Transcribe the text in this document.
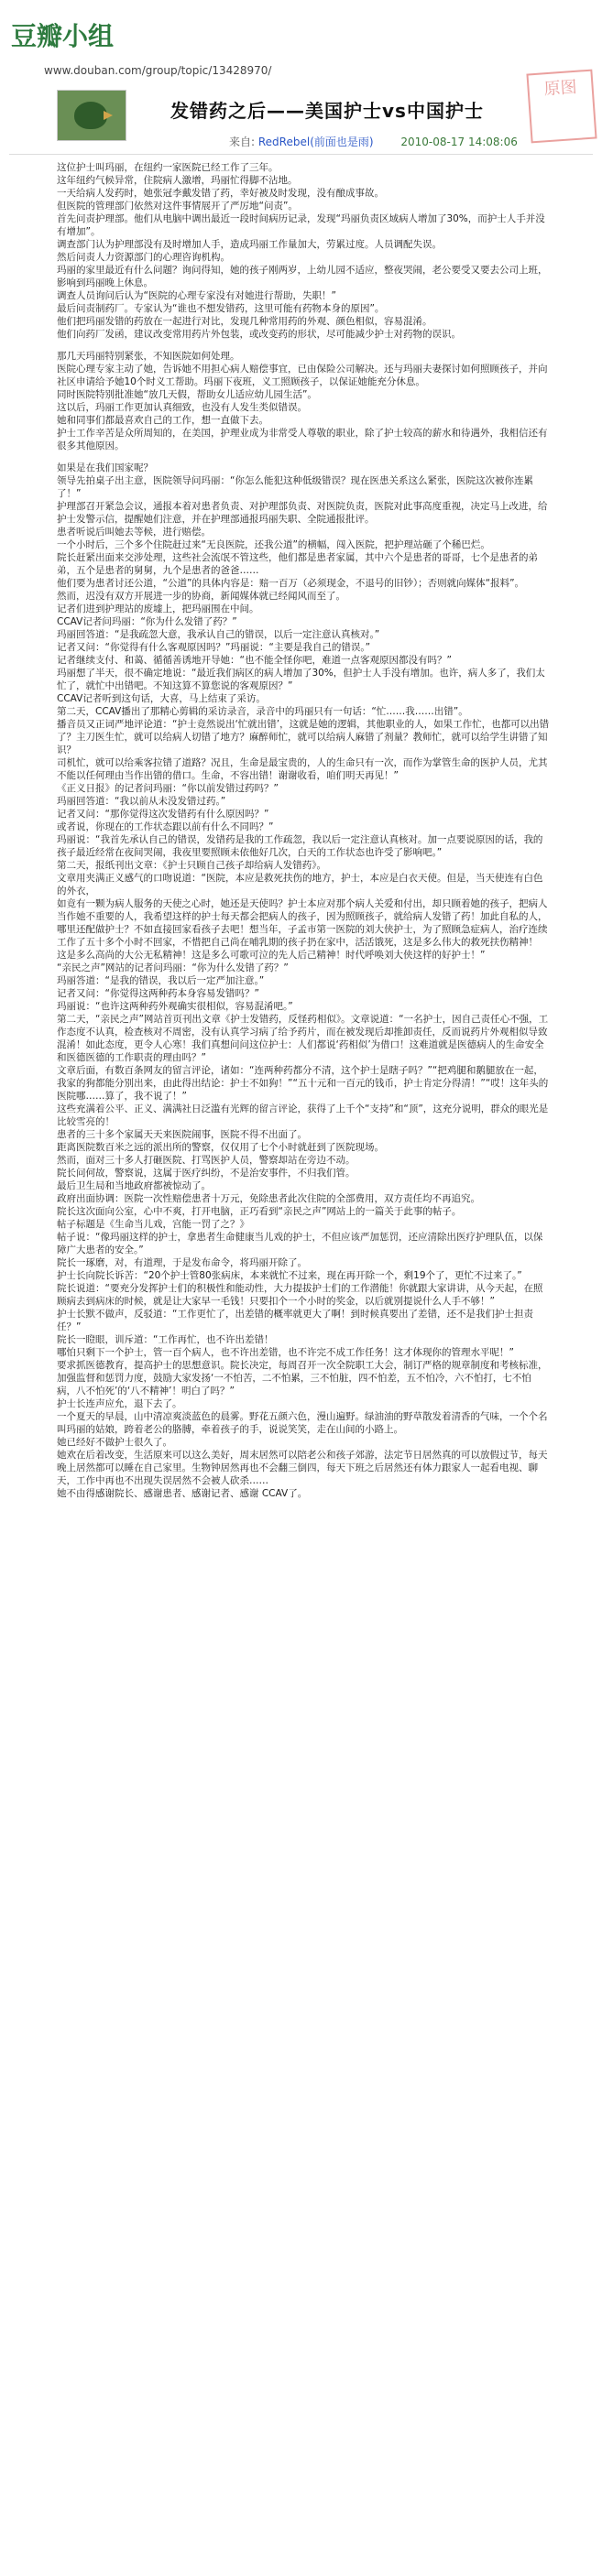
豆瓣小组
www.douban.com/group/topic/13428970/
发错药之后——美国护士vs中国护士
来自: RedRebel(前面也是雨) 2010-08-17 14:08:06
原图

这位护士叫玛丽，在纽约一家医院已经工作了三年。

这年纽约气候异常，住院病人激增，玛丽忙得脚不沾地。

一天给病人发药时，她张冠李戴发错了药，幸好被及时发现，没有酿成事故。

但医院的管理部门依然对这件事情展开了严厉地“问责”。

首先问责护理部。他们从电脑中调出最近一段时间病历记录，发现“玛丽负责区域病人增加了30%，而护士人手并没有增加”。

调查部门认为护理部没有及时增加人手，造成玛丽工作量加大，劳累过度。人员调配失误。

然后问责人力资源部门的心理咨询机构。

玛丽的家里最近有什么问题？询问得知，她的孩子刚两岁，上幼儿园不适应，整夜哭闹，老公要受又要去公司上班，影响到玛丽晚上休息。

调查人员询问后认为“医院的心理专家没有对她进行帮助，失职！”

最后问责制药厂。专家认为“谁也不想发错药，这里可能有药物本身的原因”。

他们把玛丽发错的药放在一起进行对比，发现几种常用药的外观、颜色相似，容易混淆。

他们向药厂发函，建议改变常用药片外包装，或改变药的形状，尽可能减少护士对药物的误识。

那几天玛丽特别紧张，不知医院如何处理。

医院心理专家主动了她，告诉她不用担心病人赔偿事宜，已由保险公司解决。还与玛丽夫妻探讨如何照顾孩子，并向社区申请给予她10个时义工帮助。玛丽下夜班，义工照顾孩子，以保证她能充分休息。

同时医院特别批准她“放几天假，帮助女儿适应幼儿园生活”。

这以后，玛丽工作更加认真细致，也没有人发生类似错误。

她和同事们都最喜欢自己的工作，想一直做下去。

护士工作辛苦是众所周知的，在美国，护理业成为非常受人尊敬的职业，除了护士较高的薪水和待遇外，我相信还有很多其他原因。

如果是在我们国家呢？

领导先拍桌子出主意，医院领导问玛丽：“你怎么能犯这种低级错误？现在医患关系这么紧张，医院这次被你连累了！”

护理部召开紧急会议，通报本着对患者负责、对护理部负责、对医院负责，医院对此事高度重视，决定马上改进，给护士发警示信，提醒她们注意，并在护理部通报玛丽失职、全院通报批评。

患者听说后叫她去等候，进行赔偿。

一个小时后，三个多个住院赶过来“无良医院，还我公道”的横幅，闯入医院，把护理站砸了个稀巴烂。

院长赶紧出面来交涉处理，这些社会流氓不管这些，他们都是患者家属，其中六个是患者的哥哥，七个是患者的弟弟，五个是患者的舅舅，九个是患者的爸爸……

他们要为患者讨还公道，“公道”的具体内容是：赔一百万（必须现金，不退号的旧钞）；否则就向媒体“报料”。

然而，迟没有双方开展进一步的协商，新闻媒体就已经闻风而至了。

记者们进到护理站的废墟上，把玛丽围在中间。

CCAV记者问玛丽：“你为什么发错了药？”

玛丽回答道：“是我疏忽大意，我承认自己的错误，以后一定注意认真核对。”

记者又问：“你觉得有什么客观原因吗？”玛丽说：“主要是我自己的错误。”

记者继续支付、和蔼、循循善诱地开导她：“也不能全怪你吧，难道一点客观原因都没有吗？”

玛丽想了半天，很不确定地说：“最近我们病区的病人增加了30%，但护士人手没有增加。也许，病人多了，我们太忙了，就忙中出错吧。不知这算不算您说的客观原因？”

CCAV记者听到这句话，大喜，马上结束了采访。

第二天，CCAV播出了那精心剪辑的采访录音，录音中的玛丽只有一句话：“忙……我……出错”。

播音员又正词严地评论道：“护士竟然说出‘忙就出错’，这就是她的逻辑，其他职业的人，如果工作忙，也都可以出错了？主刀医生忙，就可以给病人切错了地方？麻醉师忙，就可以给病人麻错了剂量？教师忙，就可以给学生讲错了知识？

司机忙，就可以给乘客拉错了道路？况且，生命是最宝贵的，人的生命只有一次，而作为掌管生命的医护人员，尤其不能以任何理由当作出错的借口。生命，不容出错！谢谢收看，咱们明天再见！”

《正义日报》的记者问玛丽：“你以前发错过药吗？”

玛丽回答道：“我以前从未没发错过药。”

记者又问：“那你觉得这次发错药有什么原因吗？”

或者说，你现在的工作状态跟以前有什么不同吗？”

玛丽说：“我首先承认自己的错误，发错药是我的工作疏忽，我以后一定注意认真核对。加一点要说原因的话，我的孩子最近经常在夜间哭闹，我夜里要照顾未依他好几次，白天的工作状态也许受了影响吧。”

第二天，报纸刊出文章：《护士只顾自己孩子却给病人发错药》。

文章用夹满正义感气的口吻说道：“医院，本应是救死扶伤的地方，护士，本应是白衣天使。但是，当天使连有白色的外衣，

如竟有一颗为病人服务的天使之心时，她还是天使吗？护士本应对那个病人关爱和付出，却只顾着她的孩子，把病人当作她不重要的人，我希望这样的护士每天都会把病人的孩子，因为照顾孩子，就给病人发错了药！加此自私的人，哪里还配做护士？不如直接回家看孩子去吧！想当年，子孟市第一医院的刘大侠护士，为了照顾急症病人，治疗连续工作了五十多个小时不回家，不惜把自己尚在哺乳期的孩子扔在家中，活活饿死，这是多么伟大的救死扶伤精神！

这是多么高尚的大公无私精神！这是多么可歌可泣的先人后己精神！时代呼唤刘大侠这样的好护士！”

“亲民之声”网站的记者问玛丽：“你为什么发错了药？”

玛丽答道：“是我的错误，我以后一定严加注意。”

记者又问：“你觉得这两种药本身容易发错吗？”

玛丽说：“也许这两种药外观确实很相似，容易混淆吧。”

第二天，“亲民之声”网站首页刊出文章《护士发错药，反怪药相似》。文章说道：“一名护士，因自己责任心不强，工作态度不认真，检查核对不周密，没有认真学习病了给予药片，而在被发现后却推卸责任，反而说药片外观相似导致混淆！如此态度，更令人心寒！我们真想问问这位护士：人们都说‘药相似’为借口！这难道就是医德病人的生命安全和医德医德的工作职责的理由吗？”

文章后面，有数百条网友的留言评论，诸如：“连两种药都分不清，这个护士是瞎子吗？”“把鸡腿和鹅腿放在一起，我家的狗都能分别出来，由此得出结论：护士不如狗！”“五十元和一百元的钱币，护士肯定分得清！”“哎！这年头的医院哪……算了，我不说了！”

这些充满着公平、正义、满满社日泛滥有光辉的留言评论，获得了上千个“支持”和“顶”，这充分说明，群众的眼光是比较雪亮的！

患者的三十多个家属天天来医院闹事，医院不得不出面了。

距离医院数百米之远的派出所的警察，仅仅用了七个小时就赶到了医院现场。

然而，面对三十多人打砸医院、打骂医护人员，警察却站在旁边不动。

院长问何故，警察说，这属于医疗纠纷，不是治安事件，不归我们管。

最后卫生局和当地政府都被惊动了。

政府出面协调：医院一次性赔偿患者十万元，免除患者此次住院的全部费用，双方责任均不再追究。

院长这次面向公室，心中不爽，打开电脑，正巧看到“亲民之声”网站上的一篇关于此事的帖子。

帖子标题是《生命当儿戏，宫能一罚了之？》

帖子说：“像玛丽这样的护士，拿患者生命健康当儿戏的护士，不但应该严加惩罚，还应清除出医疗护理队伍，以保障广大患者的安全。”

院长一琢磨，对，有道理，于是发布命令，将玛丽开除了。

护士长向院长诉苦：“20个护士管80张病床，本来就忙不过来，现在再开除一个，剩19个了，更忙不过来了。”

院长说道：“要充分发挥护士们的积极性和能动性，大力提拔护士们的工作潜能！你就跟大家讲讲，从今天起，在照顾病去到病床的时候，就是让大家早一毛钱！只要扣个一个小时的奖金，以后就别提说什么人手不够！”

护士长默不做声，反驳道：“工作更忙了，出差错的概率就更大了啊！到时候真要出了差错，还不是我们护士担责任？”

院长一瞪眼，训斥道：“工作再忙，也不许出差错！

哪怕只剩下一个护士，管一百个病人，也不许出差错，也不许完不成工作任务！这才体现你的管理水平呢！”

要求抓医德教育，提高护士的思想意识。院长决定，每周召开一次全院职工大会，制订严格的规章制度和考核标准，加强监督和惩罚力度，鼓励大家发扬‘一不怕苦，二不怕累，三不怕脏，四不怕差，五不怕冷，六不怕打，七不怕病，八不怕死’的‘八不精神’！明白了吗？”

护士长连声应允，退下去了。

一个夏天的早晨，山中清凉爽淡蓝色的晨雾。野花五颜六色，漫山遍野。绿油油的野草散发着清香的气味，一个个名叫玛丽的姑娘，跨着老公的胳膊，牵着孩子的手，说说笑笑，走在山间的小路上。

她已经好不做护士很久了。

她欢在后着改变，生活原来可以这么美好，周末居然可以陪老公和孩子郊游，法定节日居然真的可以放假过节，每天晚上居然都可以睡在自己家里。生物钟居然再也不会翻三倒四，每天下班之后居然还有体力跟家人一起看电视、聊天，工作中再也不出现失误居然不会被人砍杀……

她不由得感谢院长、感谢患者、感谢记者、感谢 CCAV了。
